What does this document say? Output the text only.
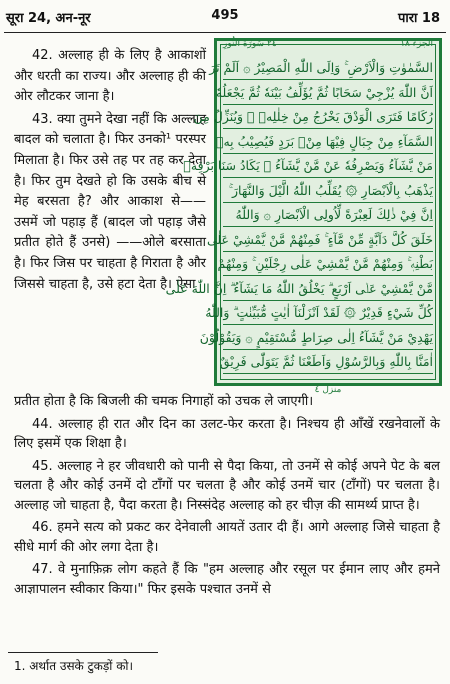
सूरा 24, अन-नूर	495	पारा 18

42. अल्लाह ही के लिए है आकाशों और धरती का राज्य। और अल्लाह ही की ओर लौटकर जाना है।

43. क्या तुमने देखा नहीं कि अल्लाह बादल को चलाता है। फिर उनको¹ परस्पर मिलाता है। फिर उसे तह पर तह कर देता है। फिर तुम देखते हो कि उसके बीच से मेह बरसता है? और आकाश से——उसमें जो पहाड़ हैं (बादल जो पहाड़ जैसे प्रतीत होते हैं उनसे) ——ओले बरसाता है। फिर जिस पर चाहता है गिराता है और जिससे चाहता है, उसे हटा देता है। ऐसा

٢٤ سُورَةُ النُّورِ	الجزء ١٨
منزل ٤
السَّمٰوٰتِ وَالْاَرْضِ ۚ وَاِلَى اللّٰهِ الْمَصِيْرُ ۞ اَلَمْ تَرَ
اَنَّ اللّٰهَ يُزْجِيْ سَحَابًا ثُمَّ يُؤَلِّفُ بَيْنَهٗ ثُمَّ يَجْعَلُهٗ
رُكَامًا فَتَرَى الْوَدْقَ يَخْرُجُ مِنْ خِلٰلِهٖ ۚ وَيُنَزِّلُ مِنَ
السَّمَآءِ مِنْ جِبَالٍ فِيْهَا مِنْۢ بَرَدٍ فَيُصِيْبُ بِهٖ
مَنْ يَّشَآءُ وَيَصْرِفُهٗ عَنْ مَّنْ يَّشَآءُ ۗ يَكَادُ سَنَا بَرْقِهٖ
يَذْهَبُ بِالْاَبْصَارِ ۞ يُقَلِّبُ اللّٰهُ الَّيْلَ وَالنَّهَارَ ۚ
اِنَّ فِيْ ذٰلِكَ لَعِبْرَةً لِّاُولِى الْاَبْصَارِ ۞ وَاللّٰهُ
خَلَقَ كُلَّ دَآبَّةٍ مِّنْ مَّآءٍ ۚ فَمِنْهُمْ مَّنْ يَّمْشِيْ عَلٰى
بَطْنِهٖ ۚ وَمِنْهُمْ مَّنْ يَّمْشِيْ عَلٰى رِجْلَيْنِ ۚ وَمِنْهُمْ
مَّنْ يَّمْشِيْ عَلٰۤى اَرْبَعٍ ۗ يَخْلُقُ اللّٰهُ مَا يَشَآءُ ۗ اِنَّ اللّٰهَ عَلٰى
كُلِّ شَيْءٍ قَدِيْرٌ ۞ لَقَدْ اَنْزَلْنَآ اٰيٰتٍ مُّبَيِّنٰتٍ ۗ وَاللّٰهُ
يَهْدِيْ مَنْ يَّشَآءُ اِلٰى صِرَاطٍ مُّسْتَقِيْمٍ ۞ وَيَقُوْلُوْنَ
اٰمَنَّا بِاللّٰهِ وَبِالرَّسُوْلِ وَاَطَعْنَا ثُمَّ يَتَوَلّٰى فَرِيْقٌ

प्रतीत होता है कि बिजली की चमक निगाहों को उचक ले जाएगी।

44. अल्लाह ही रात और दिन का उलट-फेर करता है। निश्चय ही आँखें रखनेवालों के लिए इसमें एक शिक्षा है।

45. अल्लाह ने हर जीवधारी को पानी से पैदा किया, तो उनमें से कोई अपने पेट के बल चलता है और कोई उनमें दो टाँगों पर चलता है और कोई उनमें चार (टाँगों) पर चलता है। अल्लाह जो चाहता है, पैदा करता है। निस्संदेह अल्लाह को हर चीज़ की सामर्थ्य प्राप्त है।

46. हमने सत्य को प्रकट कर देनेवाली आयतें उतार दी हैं। आगे अल्लाह जिसे चाहता है सीधे मार्ग की ओर लगा देता है।

47. वे मुनाफ़िक़ लोग कहते हैं कि "हम अल्लाह और रसूल पर ईमान लाए और हमने आज्ञापालन स्वीकार किया।" फिर इसके पश्चात उनमें से

1. अर्थात उसके टुकड़ों को।
